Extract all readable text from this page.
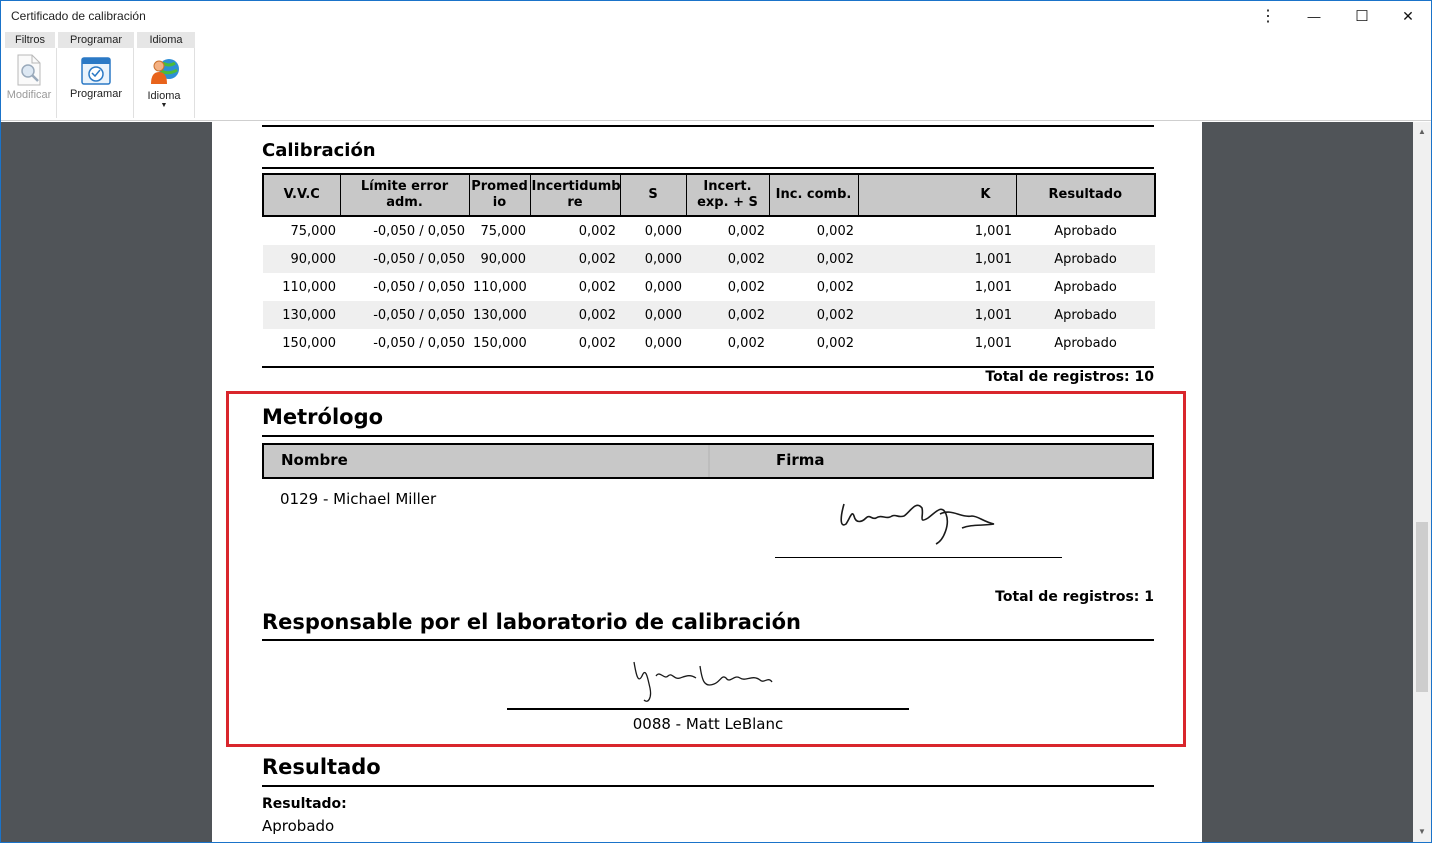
Certificado de calibración	⋮	—	☐	✕
Filtros	Programar	Idioma
Modificar	Programar	Idioma
▼
Calibración
V.V.C	Límite error adm.	Promed io	Incertidumb re	S	Incert. exp. + S	Inc. comb.	K	Resultado
75,000	-0,050 / 0,050	75,000	0,002	0,000	0,002	0,002	1,001	Aprobado
90,000	-0,050 / 0,050	90,000	0,002	0,000	0,002	0,002	1,001	Aprobado
110,000	-0,050 / 0,050	110,000	0,002	0,000	0,002	0,002	1,001	Aprobado
130,000	-0,050 / 0,050	130,000	0,002	0,000	0,002	0,002	1,001	Aprobado
150,000	-0,050 / 0,050	150,000	0,002	0,000	0,002	0,002	1,001	Aprobado
Total de registros: 10
Metrólogo
Nombre	Firma
0129 - Michael Miller
Total de registros: 1
Responsable por el laboratorio de calibración
0088 - Matt LeBlanc
Resultado
Resultado:
Aprobado
▲
▼
